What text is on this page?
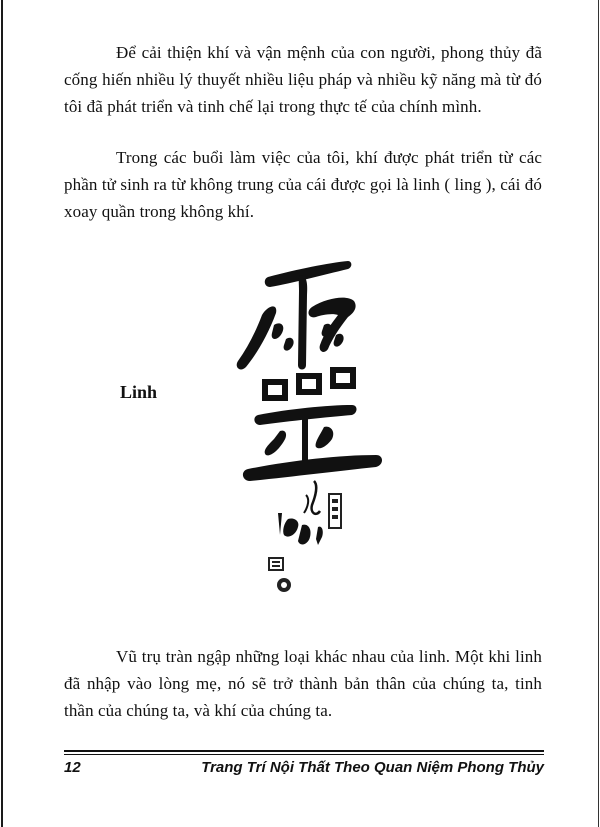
Để cải thiện khí và vận mệnh của con người, phong thủy đã cống hiến nhiều lý thuyết nhiều liệu pháp và nhiều kỹ năng mà từ đó tôi đã phát triển và tinh chế lại trong thực tế của chính mình.

Trong các buổi làm việc của tôi, khí được phát triển từ các phần tử sinh ra từ không trung của cái được gọi là linh ( ling ), cái đó xoay quần trong không khí.

Linh

Vũ trụ tràn ngập những loại khác nhau của linh. Một khi linh đã nhập vào lòng mẹ, nó sẽ trở thành bản thân của chúng ta, tinh thần của chúng ta, và khí của chúng ta.

12	Trang Trí Nội Thất Theo Quan Niệm Phong Thủy
